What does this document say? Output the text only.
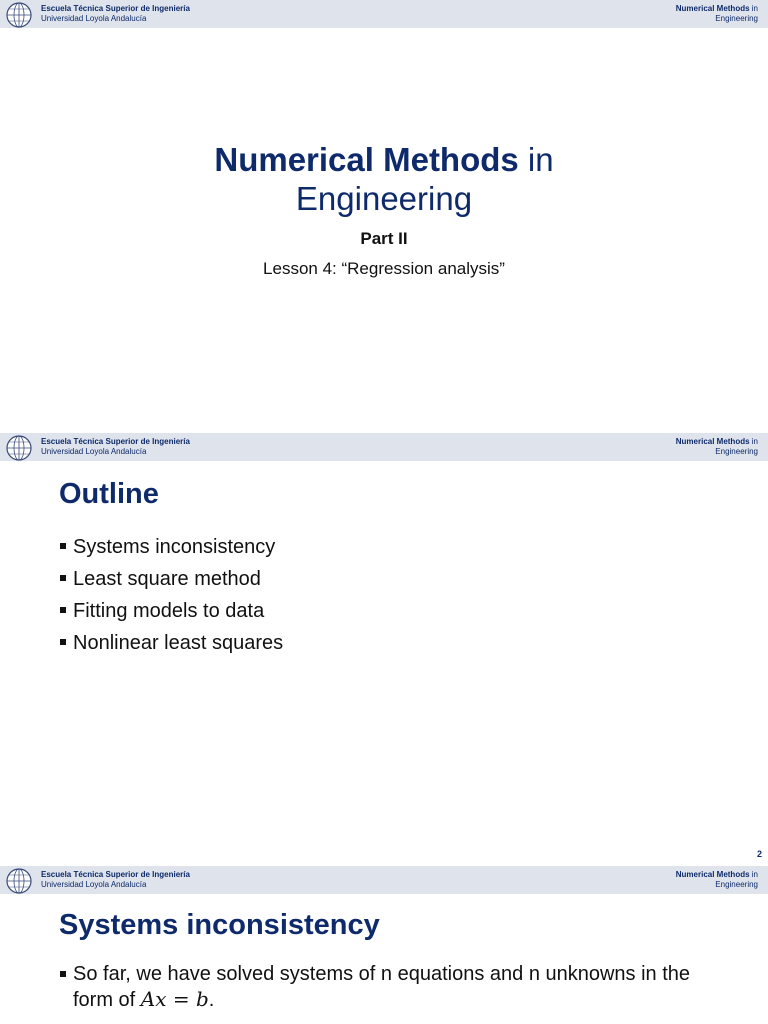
Escuela Técnica Superior de Ingeniería
Universidad Loyola Andalucía
Numerical Methods in
Engineering
Numerical Methods in
Engineering
Part II
Lesson 4: “Regression analysis”
Escuela Técnica Superior de Ingeniería
Universidad Loyola Andalucía
Numerical Methods in
Engineering
Outline
Systems inconsistency
Least square method
Fitting models to data
Nonlinear least squares
2
Escuela Técnica Superior de Ingeniería
Universidad Loyola Andalucía
Numerical Methods in
Engineering
Systems inconsistency
So far, we have solved systems of n equations and n unknowns in the form of Ax = b.
